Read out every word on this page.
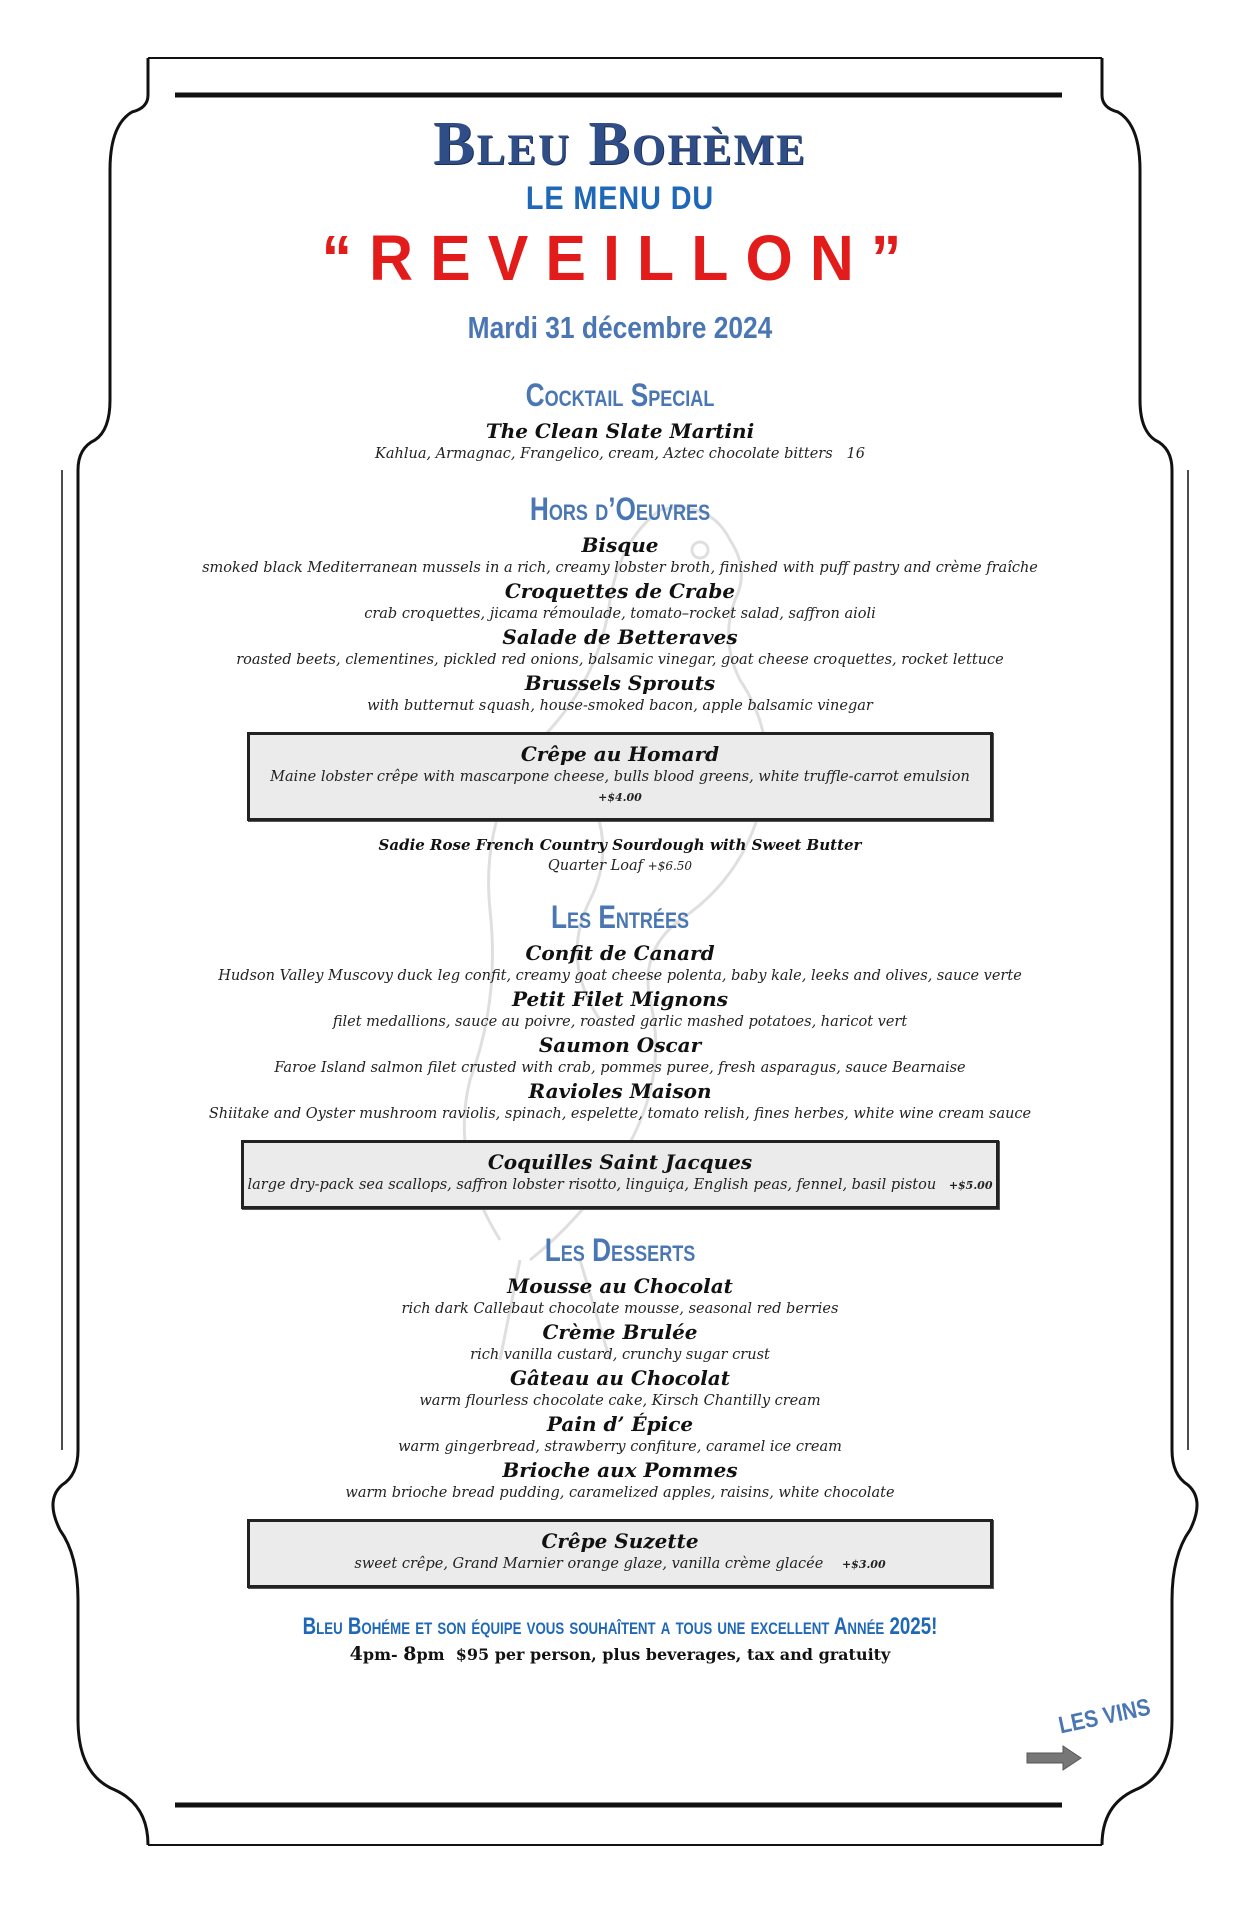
Bleu Bohème
LE MENU DU
“REVEILLON”
Mardi 31 décembre 2024
Cocktail Special
The Clean Slate Martini
Kahlua, Armagnac, Frangelico, cream, Aztec chocolate bitters   16
Hors d’Oeuvres
Bisque
smoked black Mediterranean mussels in a rich, creamy lobster broth, finished with puff pastry and crème fraîche
Croquettes de Crabe
crab croquettes, jicama rémoulade, tomato–rocket salad, saffron aioli
Salade de Betteraves
roasted beets, clementines, pickled red onions, balsamic vinegar, goat cheese croquettes, rocket lettuce
Brussels Sprouts
with butternut squash, house-smoked bacon, apple balsamic vinegar
Crêpe au Homard
Maine lobster crêpe with mascarpone cheese, bulls blood greens, white truffle-carrot emulsion +$4.00
Sadie Rose French Country Sourdough with Sweet Butter
Quarter Loaf +$6.50
Les Entrées
Confit de Canard
Hudson Valley Muscovy duck leg confit, creamy goat cheese polenta, baby kale, leeks and olives, sauce verte
Petit Filet Mignons
filet medallions, sauce au poivre, roasted garlic mashed potatoes, haricot vert
Saumon Oscar
Faroe Island salmon filet crusted with crab, pommes puree, fresh asparagus, sauce Bearnaise
Ravioles Maison
Shiitake and Oyster mushroom raviolis, spinach, espelette, tomato relish, fines herbes, white wine cream sauce
Coquilles Saint Jacques
large dry-pack sea scallops, saffron lobster risotto, linguiça, English peas, fennel, basil pistou +$5.00
Les Desserts
Mousse au Chocolat
rich dark Callebaut chocolate mousse, seasonal red berries
Crème Brulée
rich vanilla custard, crunchy sugar crust
Gâteau au Chocolat
warm flourless chocolate cake, Kirsch Chantilly cream
Pain d’ Épice
warm gingerbread, strawberry confiture, caramel ice cream
Brioche aux Pommes
warm brioche bread pudding, caramelized apples, raisins, white chocolate
Crêpe Suzette
sweet crêpe, Grand Marnier orange glaze, vanilla crème glacée +$3.00
Bleu Bohéme et son équipe vous souhaîtent a tous une excellent Année 2025!
4pm- 8pm $95 per person, plus beverages, tax and gratuity
LES VINS
